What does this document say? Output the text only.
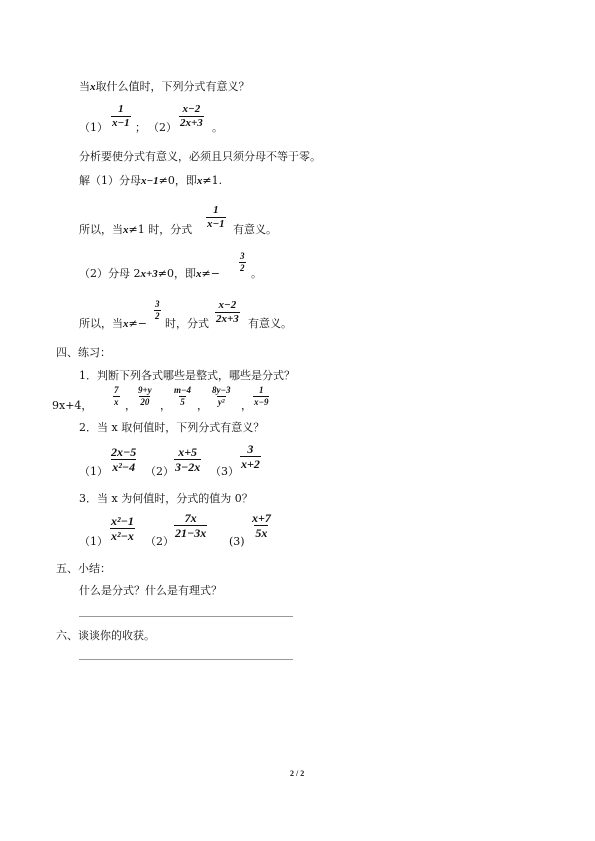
当x取什么值时，下列分式有意义？
$(1) \frac{1}{x-1}$ ； $(2) \frac{x-2}{2x+3}$ 。
分析要使分式有意义，必须且只须分母不等于零。
解（1）分母x−1≠0，即x≠1.
所以，当x≠1 时，分式 $\frac{1}{x-1}$ 有意义。
（2）分母 2x+3≠0，即x≠−
$\frac{3}{2}$
。
所以，当x≠−
$\frac{3}{2}$
时，分式 $\frac{x-2}{2x+3}$ 有意义。
四、练习：
1．判断下列各式哪些是整式，哪些是分式？
9x+4， $\frac{7}{x}$ ， $\frac{9+y}{20}$ ， $\frac{m-4}{5}$ ， $\frac{8y-3}{\text{y²}}$ ， $\frac{1}{x-9}$
2．当 x 取何值时，下列分式有意义？
$(1) \frac{2x-5}{\text{x²−4}} (2) \frac{x+5}{3-2x} (3)$
$\frac{3}{x+2}$
3．当 x 为何值时，分式的值为 0？
$(1) \frac{\text{x²−1}}{\text{x²−x}} (2)$
$\frac{7x}{21-3x}$
(3)
$\frac{x+7}{5x}$
五、小结：
什么是分式？什么是有理式？
六、谈谈你的收获。
2 / 2
